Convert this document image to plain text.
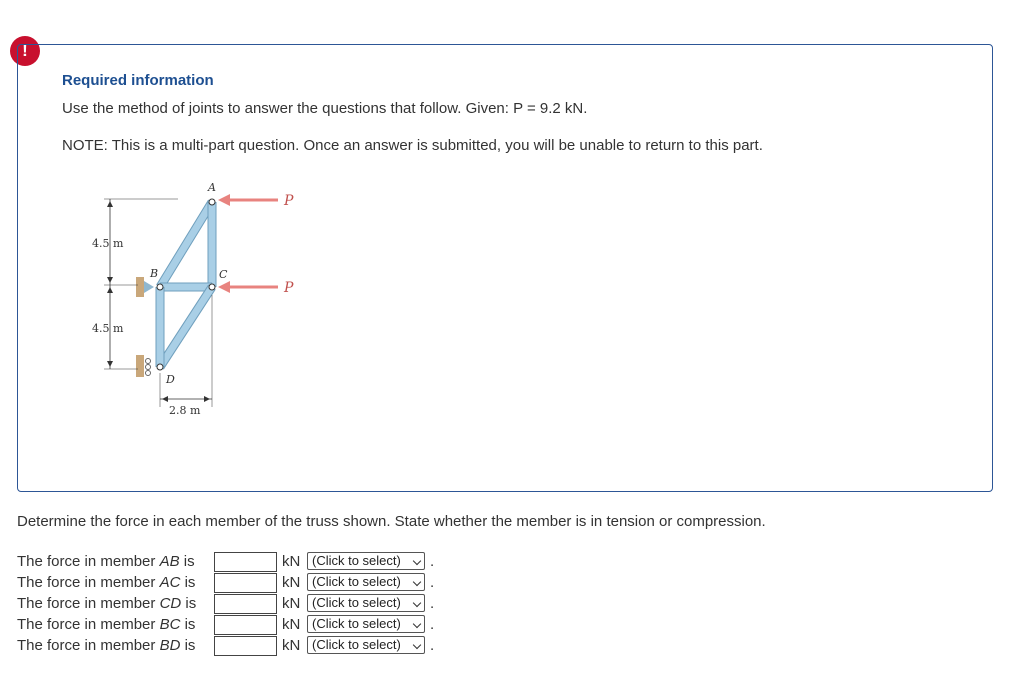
!

Required information

Use the method of joints to answer the questions that follow. Given: P = 9.2 kN.

NOTE: This is a multi-part question. Once an answer is submitted, you will be unable to return to this part.

A
B	C
D
P
P
4.5 m
4.5 m
2.8 m

Determine the force in each member of the truss shown. State whether the member is in tension or compression.

The force in member AB is	kN (Click to select)	.
The force in member AC is	kN (Click to select)	.
The force in member CD is	kN (Click to select)	.
The force in member BC is	kN (Click to select)	.
The force in member BD is	kN (Click to select)	.
